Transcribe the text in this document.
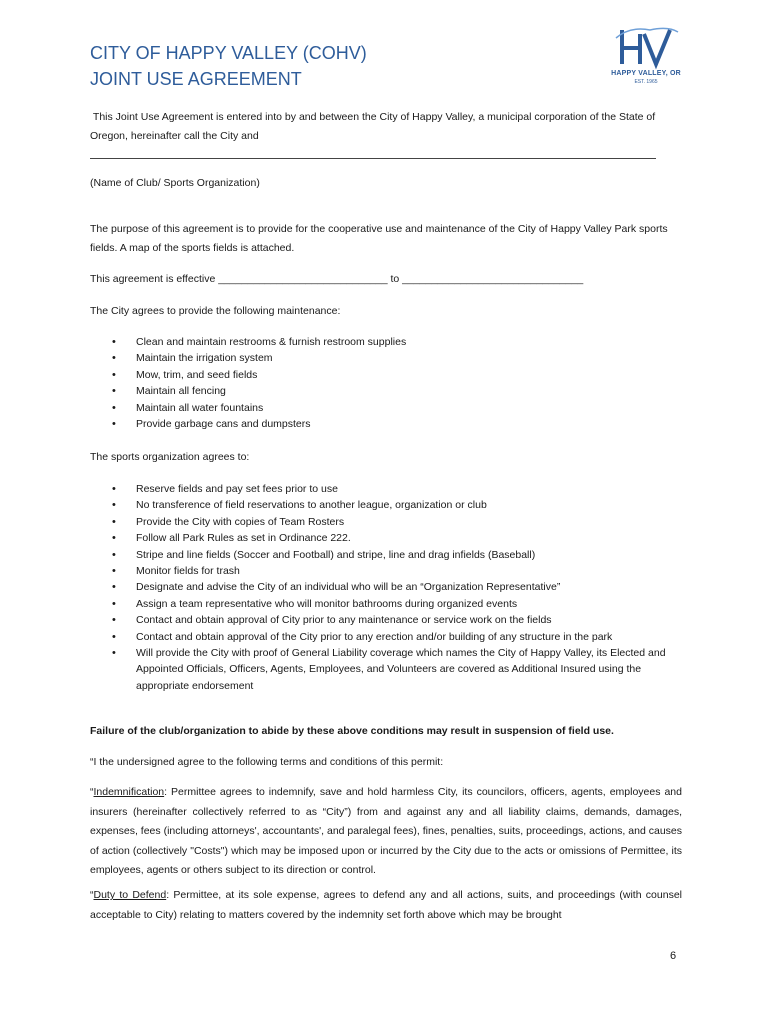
CITY OF HAPPY VALLEY (COHV)
JOINT USE AGREEMENT	HAPPY VALLEY, OR
EST. 1965
This Joint Use Agreement is entered into by and between the City of Happy Valley, a municipal corporation of the State of Oregon, hereinafter call the City and
(Name of Club/ Sports Organization)
The purpose of this agreement is to provide for the cooperative use and maintenance of the City of Happy Valley Park sports fields. A map of the sports fields is attached.
This agreement is effective _____________________________ to _______________________________
The City agrees to provide the following maintenance:
• Clean and maintain restrooms & furnish restroom supplies
• Maintain the irrigation system
• Mow, trim, and seed fields
• Maintain all fencing
• Maintain all water fountains
• Provide garbage cans and dumpsters
The sports organization agrees to:
• Reserve fields and pay set fees prior to use
• No transference of field reservations to another league, organization or club
• Provide the City with copies of Team Rosters
• Follow all Park Rules as set in Ordinance 222.
• Stripe and line fields (Soccer and Football) and stripe, line and drag infields (Baseball)
• Monitor fields for trash
• Designate and advise the City of an individual who will be an “Organization Representative”
• Assign a team representative who will monitor bathrooms during organized events
• Contact and obtain approval of City prior to any maintenance or service work on the fields
• Contact and obtain approval of the City prior to any erection and/or building of any structure in the park
• Will provide the City with proof of General Liability coverage which names the City of Happy Valley, its Elected and Appointed Officials, Officers, Agents, Employees, and Volunteers are covered as Additional Insured using the appropriate endorsement
Failure of the club/organization to abide by these above conditions may result in suspension of field use.
“I the undersigned agree to the following terms and conditions of this permit:
“Indemnification: Permittee agrees to indemnify, save and hold harmless City, its councilors, officers, agents, employees and insurers (hereinafter collectively referred to as “City”) from and against any and all liability claims, demands, damages, expenses, fees (including attorneys', accountants', and paralegal fees), fines, penalties, suits, proceedings, actions, and causes of action (collectively "Costs") which may be imposed upon or incurred by the City due to the acts or omissions of Permittee, its employees, agents or others subject to its direction or control.
“Duty to Defend: Permittee, at its sole expense, agrees to defend any and all actions, suits, and proceedings (with counsel acceptable to City) relating to matters covered by the indemnity set forth above which may be brought
6
